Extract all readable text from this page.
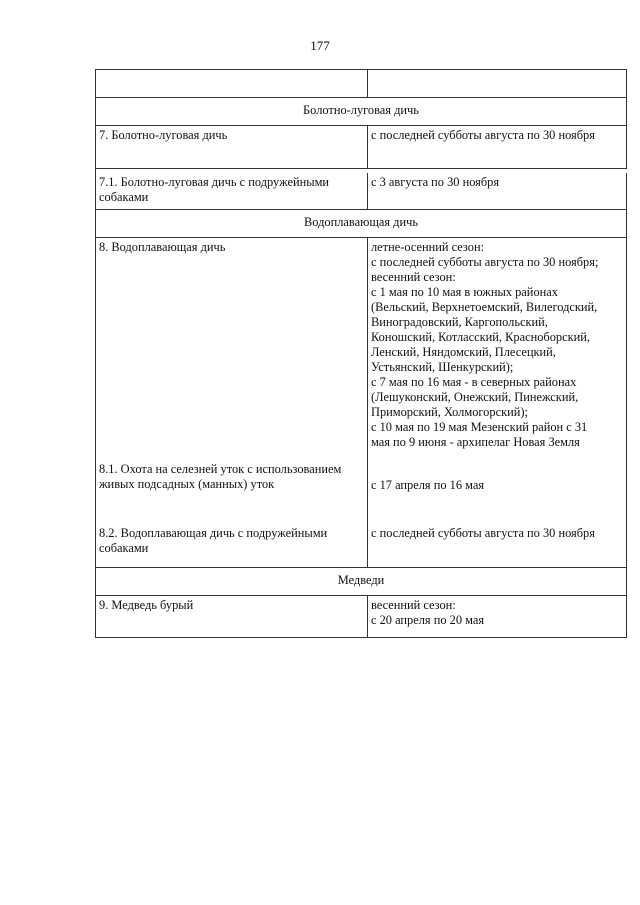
177
Болотно-луговая дичь
7. Болотно-луговая дичь	с последней субботы августа по 30 ноября
7.1. Болотно-луговая дичь с подружейными собаками
с 3 августа по 30 ноября
Водоплавающая дичь
8. Водоплавающая дичь
8.1. Охота на селезней уток с использованием живых подсадных (манных) уток
8.2. Водоплавающая дичь с подружейными собаками
летне-осенний сезон:
с последней субботы августа по 30 ноября;
весенний сезон:
с 1 мая по 10 мая в южных районах
(Вельский, Верхнетоемский, Вилегодский,
Виноградовский, Каргопольский,
Коношский, Котласский, Красноборский,
Ленский, Няндомский, Плесецкий,
Устьянский, Шенкурский);
с 7 мая по 16 мая - в северных районах
(Лешуконский, Онежский, Пинежский,
Приморский, Холмогорский);
с 10 мая по 19 мая Мезенский район с 31
мая по 9 июня - архипелаг Новая Земля
с 17 апреля по 16 мая
с последней субботы августа по 30 ноября
Медведи
9. Медведь бурый	весенний сезон:
с 20 апреля по 20 мая
